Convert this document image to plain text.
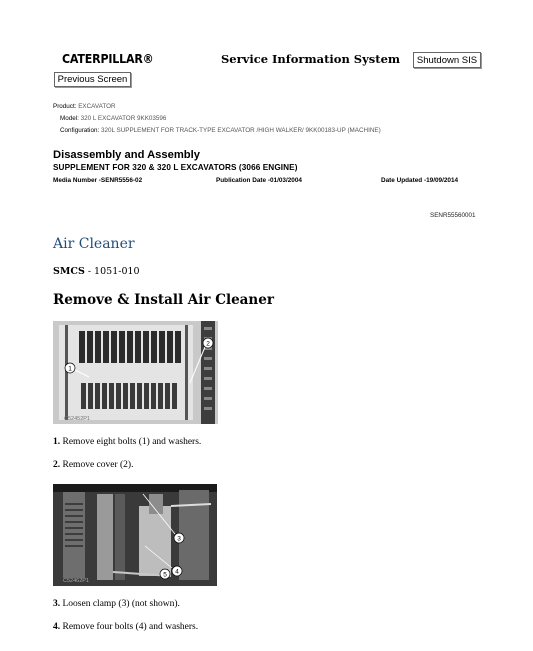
CATERPILLAR®	Service Information System
Previous Screen
Shutdown SIS
Product: EXCAVATOR
Model: 320 L EXCAVATOR 9KK03596
Configuration: 320L SUPPLEMENT FOR TRACK-TYPE EXCAVATOR /HIGH WALKER/ 9KK00183-UP (MACHINE)
Disassembly and Assembly
SUPPLEMENT FOR 320 & 320 L EXCAVATORS (3066 ENGINE)
Media Number -SENR5556-02	Publication Date -01/03/2004	Date Updated -19/09/2014
SENR55560001
Air Cleaner
SMCS - 1051-010
Remove & Install Air Cleaner
1
2
C52452P1
1. Remove eight bolts (1) and washers.
2. Remove cover (2).
3
4
5
C52462P1
3. Loosen clamp (3) (not shown).
4. Remove four bolts (4) and washers.
